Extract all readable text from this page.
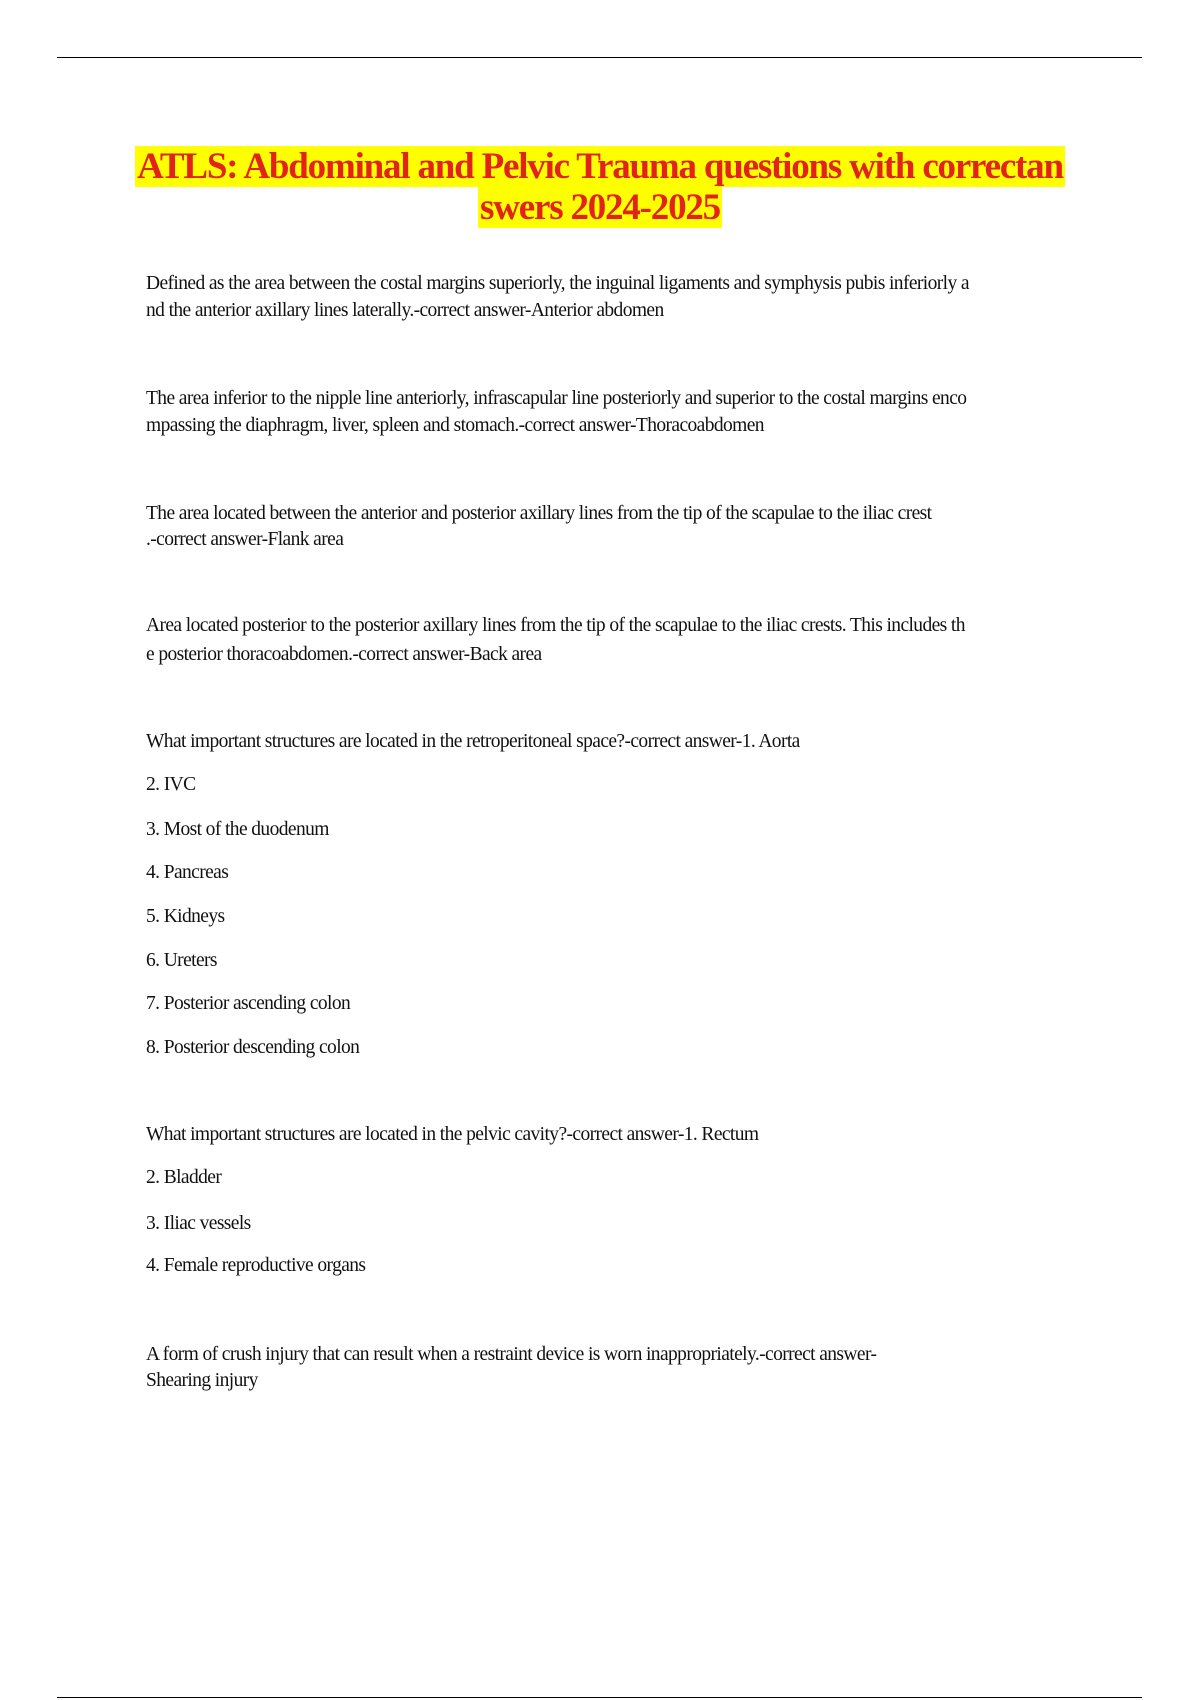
ATLS: Abdominal and Pelvic Trauma questions with correctan
swers 2024-2025
Defined as the area between the costal margins superiorly, the inguinal ligaments and symphysis pubis inferiorly a
nd the anterior axillary lines laterally.-correct answer-Anterior abdomen
The area inferior to the nipple line anteriorly, infrascapular line posteriorly and superior to the costal margins enco
mpassing the diaphragm, liver, spleen and stomach.-correct answer-Thoracoabdomen
The area located between the anterior and posterior axillary lines from the tip of the scapulae to the iliac crest
.-correct answer-Flank area
Area located posterior to the posterior axillary lines from the tip of the scapulae to the iliac crests. This includes th
e posterior thoracoabdomen.-correct answer-Back area
What important structures are located in the retroperitoneal space?-correct answer-1. Aorta
2. IVC
3. Most of the duodenum
4. Pancreas
5. Kidneys
6. Ureters
7. Posterior ascending colon
8. Posterior descending colon
What important structures are located in the pelvic cavity?-correct answer-1. Rectum
2. Bladder
3. Iliac vessels
4. Female reproductive organs
A form of crush injury that can result when a restraint device is worn inappropriately.-correct answer-
Shearing injury
